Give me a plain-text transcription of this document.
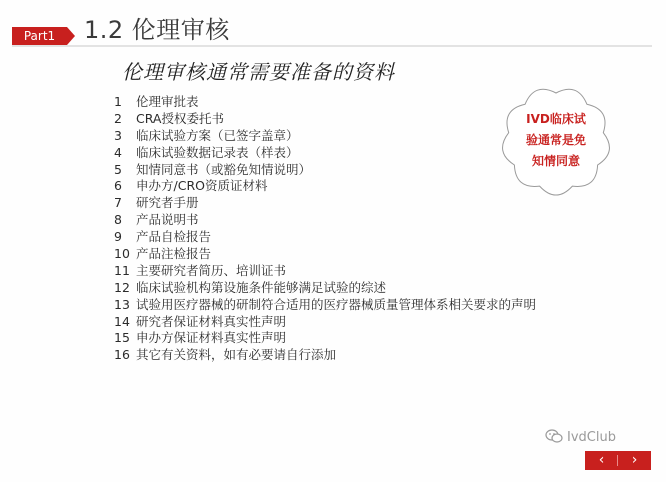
Part1	1.2 伦理审核
伦理审核通常需要准备的资料
1 伦理审批表
2 CRA授权委托书
3 临床试验方案（已签字盖章）
4 临床试验数据记录表（样表）
5 知情同意书（或豁免知情说明）
6 申办方/CRO资质证材料
7 研究者手册
8 产品说明书
9 产品自检报告
10 产品注检报告
11 主要研究者简历、培训证书
12 临床试验机构第设施条件能够满足试验的综述
13 试验用医疗器械的研制符合适用的医疗器械质量管理体系相关要求的声明
14 研究者保证材料真实性声明
15 申办方保证材料真实性声明
16 其它有关资料，如有必要请自行添加
IVD临床试
验通常是免
知情同意
IvdClub
‹	›
